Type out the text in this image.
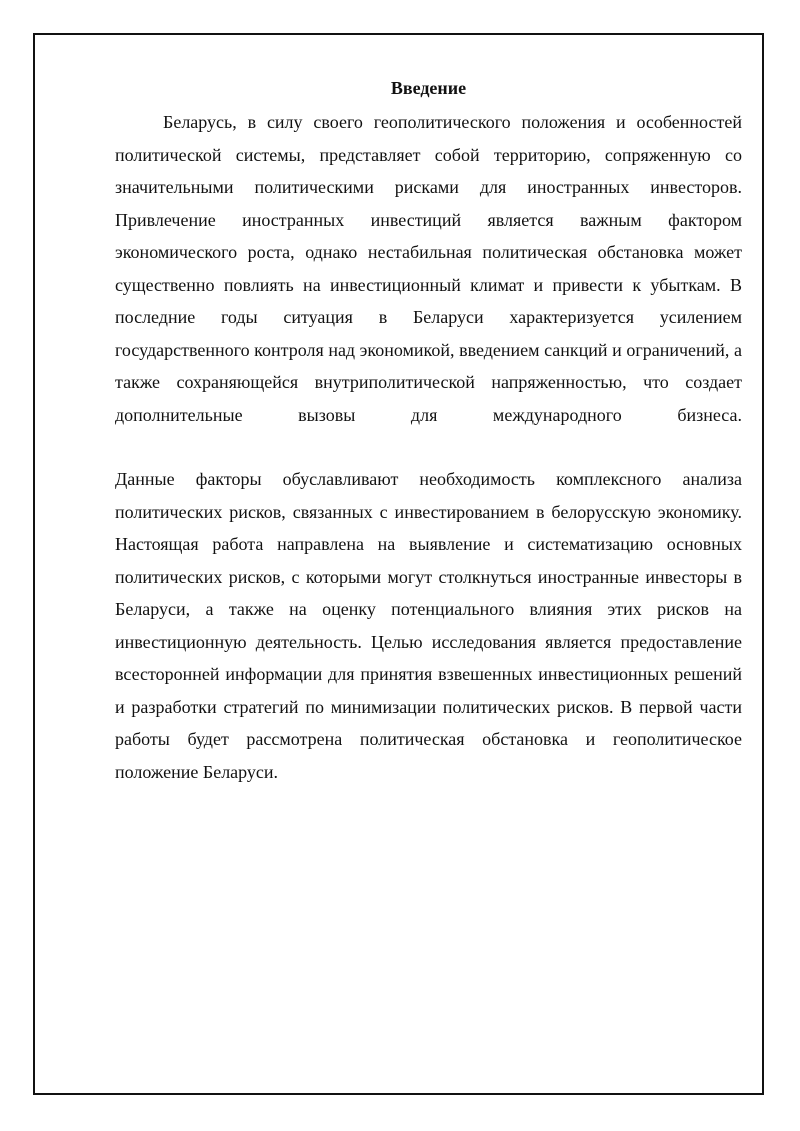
Введение

Беларусь, в силу своего геополитического положения и особенностей политической системы, представляет собой территорию, сопряженную со значительными политическими рисками для иностранных инвесторов. Привлечение иностранных инвестиций является важным фактором экономического роста, однако нестабильная политическая обстановка может существенно повлиять на инвестиционный климат и привести к убыткам. В последние годы ситуация в Беларуси характеризуется усилением государственного контроля над экономикой, введением санкций и ограничений, а также сохраняющейся внутриполитической напряженностью, что создает дополнительные вызовы для международного бизнеса.

Данные факторы обуславливают необходимость комплексного анализа политических рисков, связанных с инвестированием в белорусскую экономику. Настоящая работа направлена на выявление и систематизацию основных политических рисков, с которыми могут столкнуться иностранные инвесторы в Беларуси, а также на оценку потенциального влияния этих рисков на инвестиционную деятельность. Целью исследования является предоставление всесторонней информации для принятия взвешенных инвестиционных решений и разработки стратегий по минимизации политических рисков. В первой части работы будет рассмотрена политическая обстановка и геополитическое положение Беларуси.
